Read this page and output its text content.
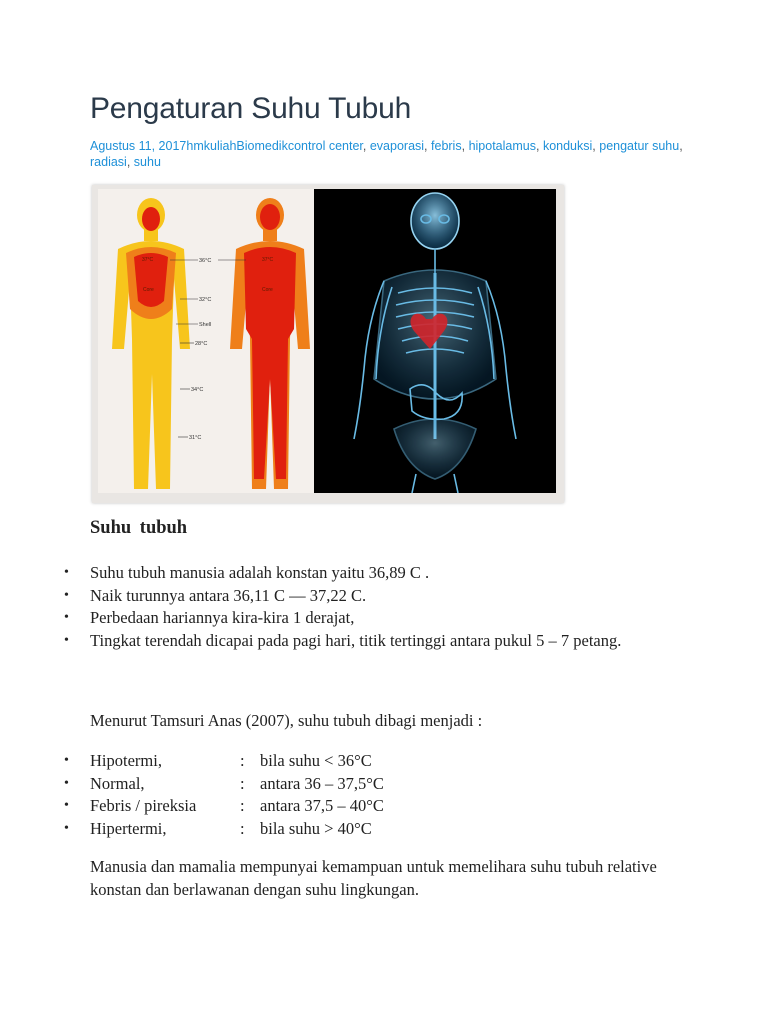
Pengaturan Suhu Tubuh
Agustus 11, 2017hmkuliahBiomedikcontrol center, evaporasi, febris, hipotalamus, konduksi, pengatur suhu, radiasi, suhu
37°C	36°C	37°C
Core	Core
32°C
Shell
28°C
34°C
31°C
Suhu tubuh
• Suhu tubuh manusia adalah konstan yaitu 36,89 C .
• Naik turunnya antara 36,11 C — 37,22 C.
• Perbedaan hariannya kira-kira 1 derajat,
• Tingkat terendah dicapai pada pagi hari, titik tertinggi antara pukul 5 – 7 petang.

Menurut Tamsuri Anas (2007), suhu tubuh dibagi menjadi :

• Hipotermi,	: bila suhu < 36°C
• Normal,	: antara 36 – 37,5°C
• Febris / pireksia	: antara 37,5 – 40°C
• Hipertermi,	: bila suhu > 40°C

Manusia dan mamalia mempunyai kemampuan untuk memelihara suhu tubuh relative konstan dan berlawanan dengan suhu lingkungan.
